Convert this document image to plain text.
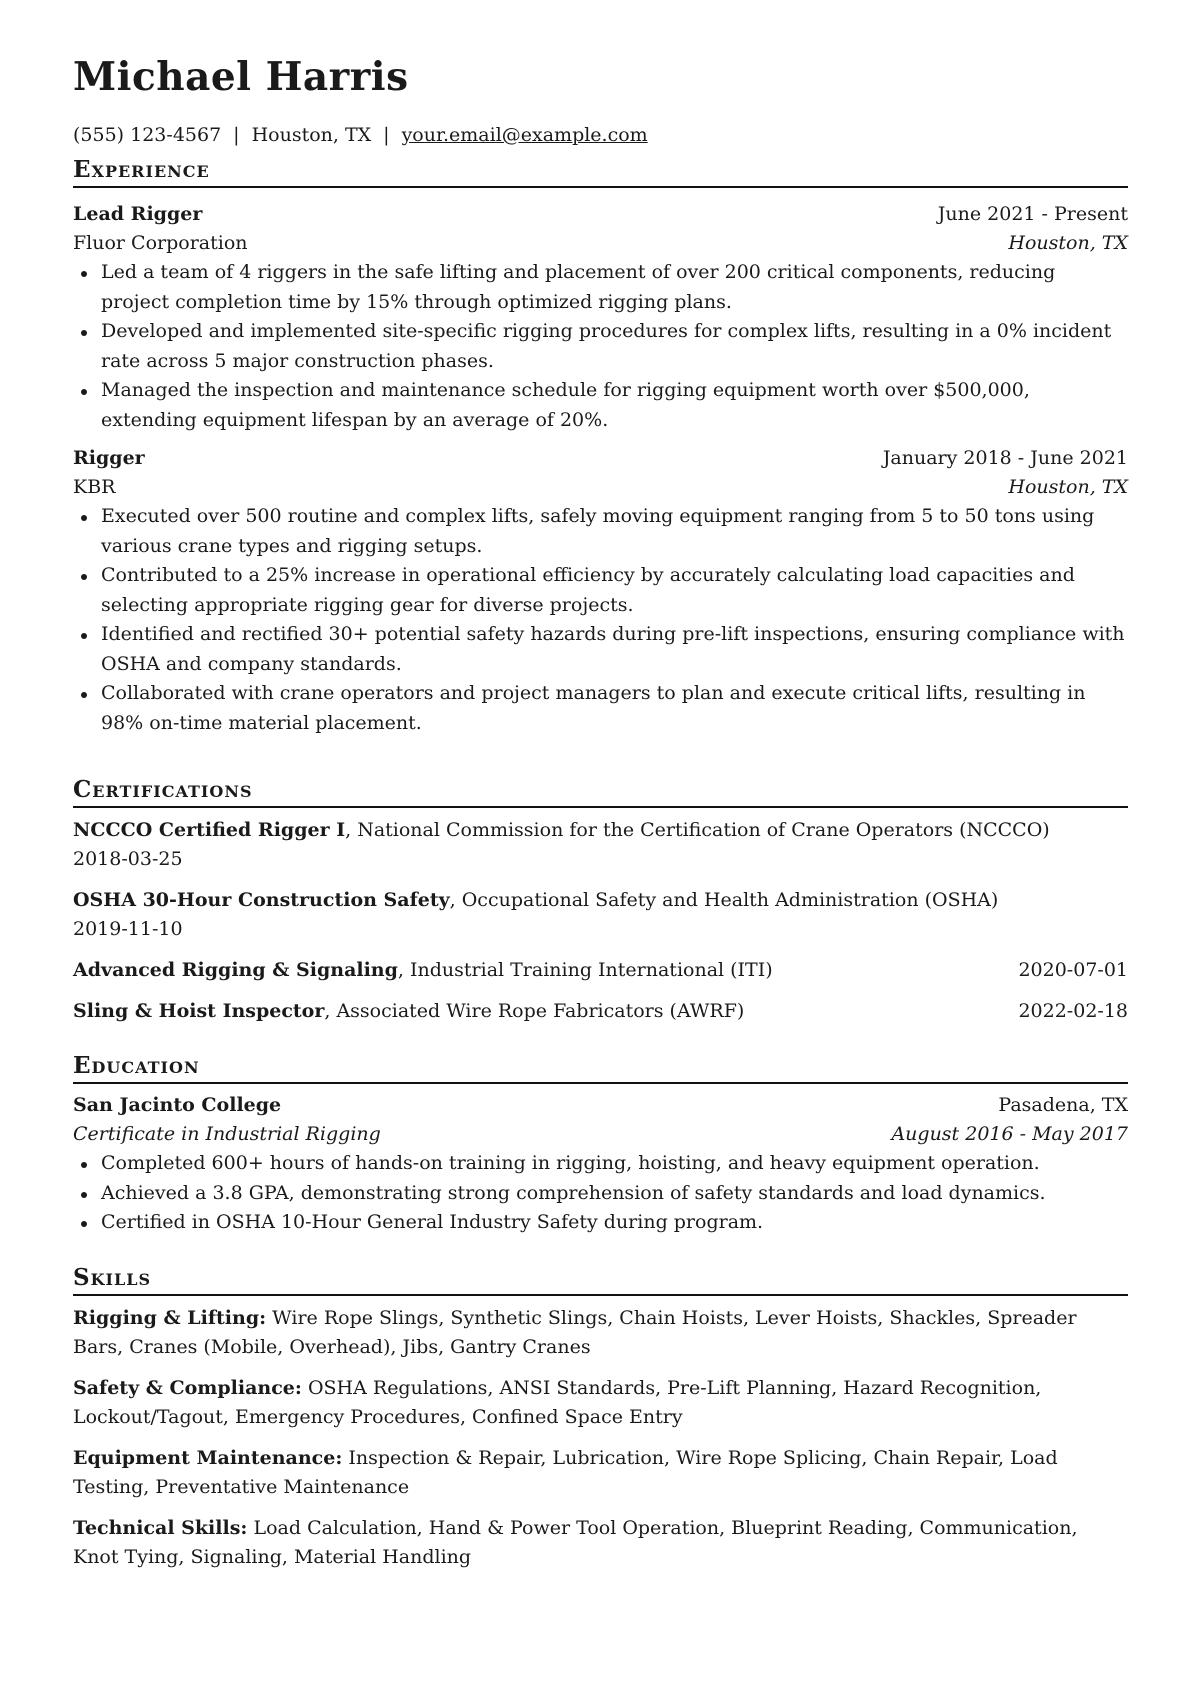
Michael Harris
(555) 123-4567 | Houston, TX | your.email@example.com
Experience
Lead Rigger	June 2021 - Present
Fluor Corporation	Houston, TX
Led a team of 4 riggers in the safe lifting and placement of over 200 critical components, reducing project completion time by 15% through optimized rigging plans.
Developed and implemented site-specific rigging procedures for complex lifts, resulting in a 0% incident rate across 5 major construction phases.
Managed the inspection and maintenance schedule for rigging equipment worth over $500,000, extending equipment lifespan by an average of 20%.
Rigger	January 2018 - June 2021
KBR	Houston, TX
Executed over 500 routine and complex lifts, safely moving equipment ranging from 5 to 50 tons using various crane types and rigging setups.
Contributed to a 25% increase in operational efficiency by accurately calculating load capacities and selecting appropriate rigging gear for diverse projects.
Identified and rectified 30+ potential safety hazards during pre-lift inspections, ensuring compliance with OSHA and company standards.
Collaborated with crane operators and project managers to plan and execute critical lifts, resulting in 98% on-time material placement.
Certifications
NCCCO Certified Rigger I, National Commission for the Certification of Crane Operators (NCCCO)
2018-03-25
OSHA 30-Hour Construction Safety, Occupational Safety and Health Administration (OSHA)
2019-11-10
Advanced Rigging & Signaling, Industrial Training International (ITI)	2020-07-01
Sling & Hoist Inspector, Associated Wire Rope Fabricators (AWRF)	2022-02-18
Education
San Jacinto College	Pasadena, TX
Certificate in Industrial Rigging	August 2016 - May 2017
Completed 600+ hours of hands-on training in rigging, hoisting, and heavy equipment operation.
Achieved a 3.8 GPA, demonstrating strong comprehension of safety standards and load dynamics.
Certified in OSHA 10-Hour General Industry Safety during program.
Skills
Rigging & Lifting: Wire Rope Slings, Synthetic Slings, Chain Hoists, Lever Hoists, Shackles, Spreader Bars, Cranes (Mobile, Overhead), Jibs, Gantry Cranes
Safety & Compliance: OSHA Regulations, ANSI Standards, Pre-Lift Planning, Hazard Recognition, Lockout/Tagout, Emergency Procedures, Confined Space Entry
Equipment Maintenance: Inspection & Repair, Lubrication, Wire Rope Splicing, Chain Repair, Load Testing, Preventative Maintenance
Technical Skills: Load Calculation, Hand & Power Tool Operation, Blueprint Reading, Communication, Knot Tying, Signaling, Material Handling
